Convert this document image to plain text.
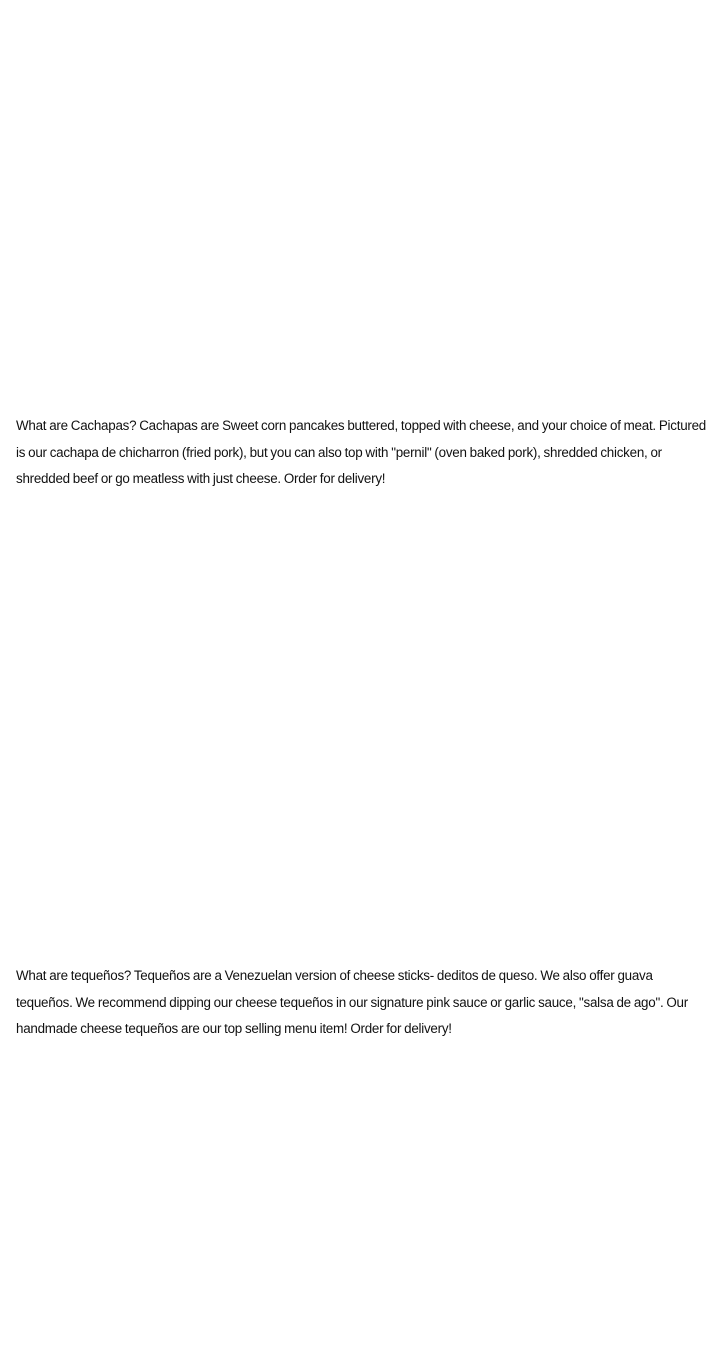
What are Cachapas? Cachapas are Sweet corn pancakes buttered, topped with cheese, and your choice of meat. Pictured is our cachapa de chicharron (fried pork), but you can also top with "pernil" (oven baked pork), shredded chicken, or shredded beef or go meatless with just cheese. Order for delivery!

What are tequeños? Tequeños are a Venezuelan version of cheese sticks- deditos de queso. We also offer guava tequeños. We recommend dipping our cheese tequeños in our signature pink sauce or garlic sauce, "salsa de ago". Our handmade cheese tequeños are our top selling menu item! Order for delivery!
